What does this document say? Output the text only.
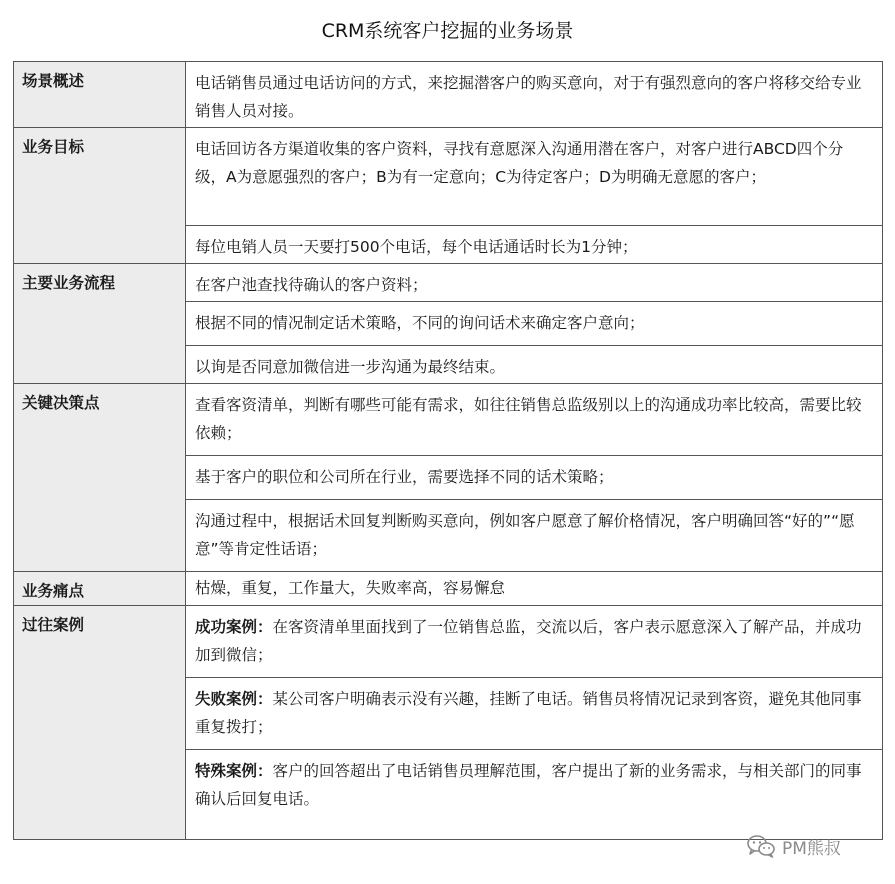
CRM系统客户挖掘的业务场景
场景概述	电话销售员通过电话访问的方式，来挖掘潜客户的购买意向，对于有强烈意向的客户将移交给专业销售人员对接。
业务目标	电话回访各方渠道收集的客户资料，寻找有意愿深入沟通用潜在客户，对客户进行ABCD四个分级，A为意愿强烈的客户；B为有一定意向；C为待定客户；D为明确无意愿的客户；
	每位电销人员一天要打500个电话，每个电话通话时长为1分钟；
主要业务流程	在客户池查找待确认的客户资料；
	根据不同的情况制定话术策略，不同的询问话术来确定客户意向；
	以询是否同意加微信进一步沟通为最终结束。
关键决策点	查看客资清单，判断有哪些可能有需求，如往往销售总监级别以上的沟通成功率比较高，需要比较依赖；
	基于客户的职位和公司所在行业，需要选择不同的话术策略；
	沟通过程中，根据话术回复判断购买意向，例如客户愿意了解价格情况，客户明确回答“好的”“愿意”等肯定性话语；
业务痛点	枯燥，重复，工作量大，失败率高，容易懈怠
过往案例	成功案例：在客资清单里面找到了一位销售总监，交流以后，客户表示愿意深入了解产品，并成功加到微信；
	失败案例：某公司客户明确表示没有兴趣，挂断了电话。销售员将情况记录到客资，避免其他同事重复拨打；
	特殊案例：客户的回答超出了电话销售员理解范围，客户提出了新的业务需求，与相关部门的同事确认后回复电话。
PM熊叔
